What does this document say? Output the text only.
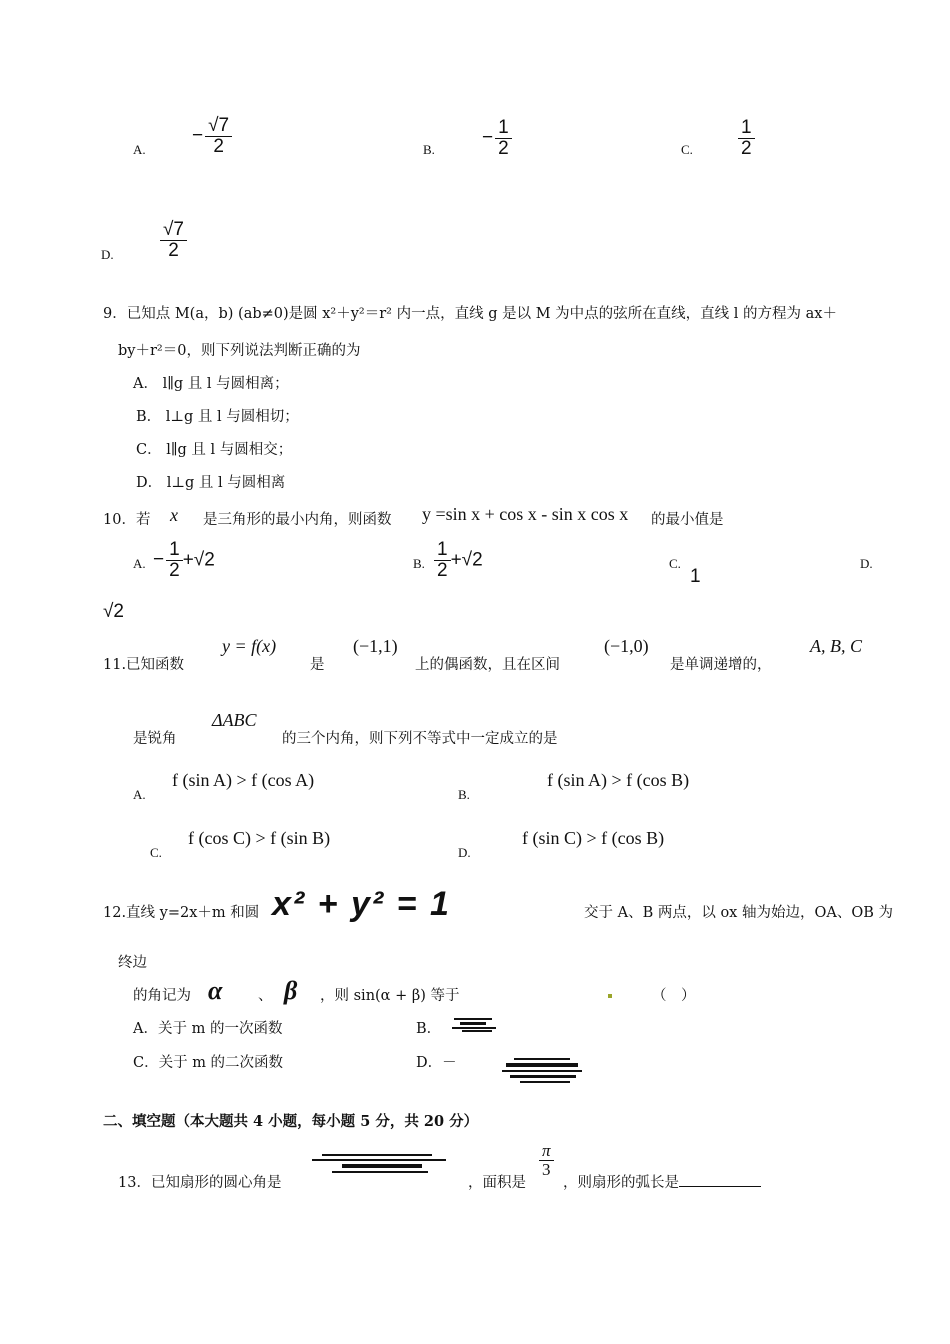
A.
− $\frac{√7}{2}$	B.
− $\frac{1}{2}$	C. $\frac{1}{2}$
D. $\frac{√7}{2}$
9．已知点 M(a，b) (ab≠0)是圆 x²＋y²＝r² 内一点，直线 g 是以 M 为中点的弦所在直线，直线 l 的方程为 ax＋
by＋r²＝0，则下列说法判断正确的为
A． l∥g 且 l 与圆相离；
B． l⊥g 且 l 与圆相切；
C． l∥g 且 l 与圆相交；
D． l⊥g 且 l 与圆相离
10．若 x 是三角形的最小内角，则函数 y =sin x + cos x - sin x cos x 的最小值是
A. − $\frac{1}{2} +√2$	B. $\frac{1}{2} +√2$	C.
1
D.
√2
11.已知函数
y = f(x)
是
(−1,1)
上的偶函数，且在区间
(−1,0)
是单调递增的，
A, B, C
是锐角
ΔABC
的三个内角，则下列不等式中一定成立的是
A.
f (sin A) > f (cos A)
B.
f (sin A) > f (cos B)
C.
f (cos C) > f (sin B)
D.
f (sin C) > f (cos B)
12.直线 y=2x＋m 和圆 x² + y² = 1	交于 A、B 两点，以 ox 轴为始边，OA、OB 为
终边
的角记为 α 、 β ，则 sin(α + β) 等于	（　）
A．关于 m 的一次函数	B．
C．关于 m 的二次函数	D．－
二、填空题（本大题共 4 小题，每小题 5 分，共 20 分）
13．已知扇形的圆心角是	，面积是
$\frac{\pi}{3}$
，则扇形的弧长是
